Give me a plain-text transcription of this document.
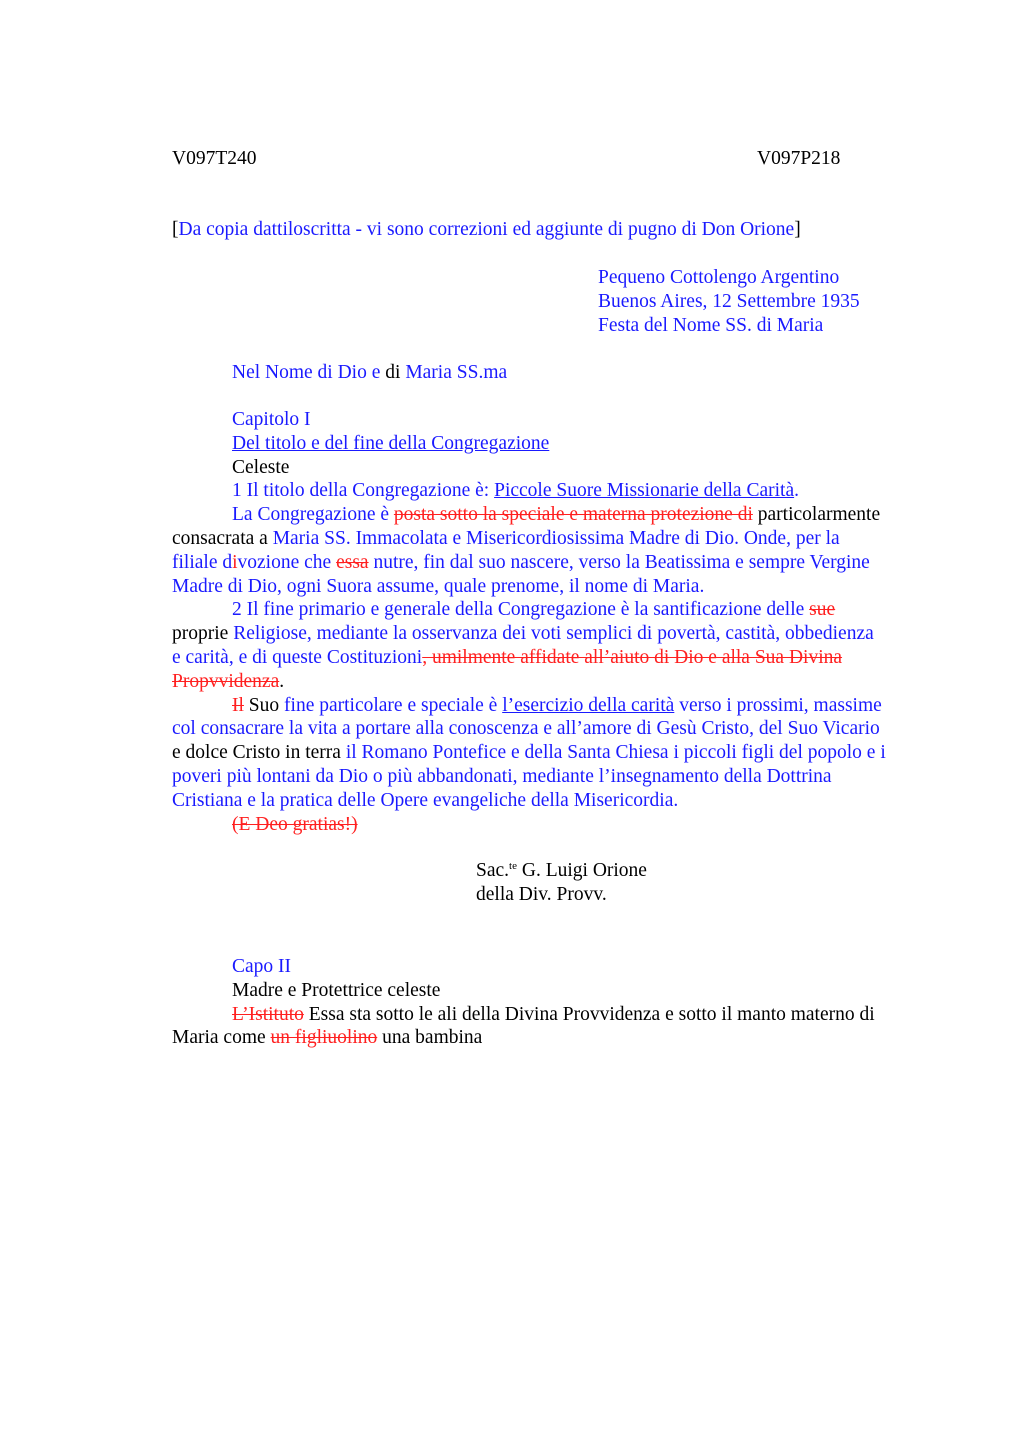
V097T240	V097P218
[Da copia dattiloscritta - vi sono correzioni ed aggiunte di pugno di Don Orione]
Pequeno Cottolengo Argentino
Buenos Aires, 12 Settembre 1935
Festa del Nome SS. di Maria
Nel Nome di Dio e di Maria SS.ma
Capitolo I
Del titolo e del fine della Congregazione
Celeste
1 Il titolo della Congregazione è: Piccole Suore Missionarie della Carità.
La Congregazione è posta sotto la speciale e materna protezione di particolarmente
consacrata a Maria SS. Immacolata e Misericordiosissima Madre di Dio. Onde, per la
filiale divozione che essa nutre, fin dal suo nascere, verso la Beatissima e sempre Vergine
Madre di Dio, ogni Suora assume, quale prenome, il nome di Maria.
2 Il fine primario e generale della Congregazione è la santificazione delle sue
proprie Religiose, mediante la osservanza dei voti semplici di povertà, castità, obbedienza
e carità, e di queste Costituzioni, umilmente affidate all’aiuto di Dio e alla Sua Divina
Propvvidenza.
Il Suo fine particolare e speciale è l’esercizio della carità verso i prossimi, massime
col consacrare la vita a portare alla conoscenza e all’amore di Gesù Cristo, del Suo Vicario
e dolce Cristo in terra il Romano Pontefice e della Santa Chiesa i piccoli figli del popolo e i
poveri più lontani da Dio o più abbandonati, mediante l’insegnamento della Dottrina
Cristiana e la pratica delle Opere evangeliche della Misericordia.
(E Deo gratias!)
Sac.$^{te}$ G. Luigi Orione
della Div. Provv.
Capo II
Madre e Protettrice celeste
L’Istituto Essa sta sotto le ali della Divina Provvidenza e sotto il manto materno di
Maria come un figliuolino una bambina
